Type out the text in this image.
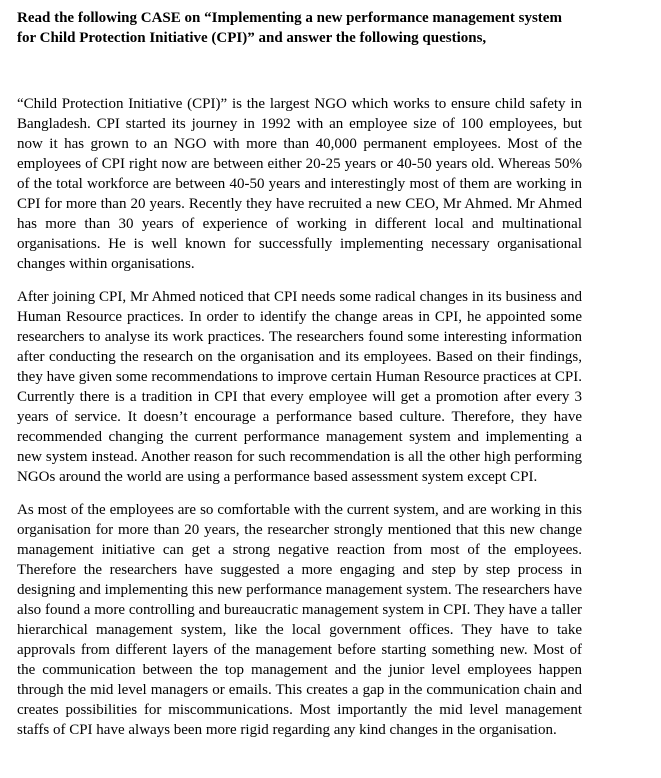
Read the following CASE on “Implementing a new performance management system for Child Protection Initiative (CPI)” and answer the following questions,

“Child Protection Initiative (CPI)” is the largest NGO which works to ensure child safety in Bangladesh. CPI started its journey in 1992 with an employee size of 100 employees, but now it has grown to an NGO with more than 40,000 permanent employees. Most of the employees of CPI right now are between either 20-25 years or 40-50 years old. Whereas 50% of the total workforce are between 40-50 years and interestingly most of them are working in CPI for more than 20 years. Recently they have recruited a new CEO, Mr Ahmed. Mr Ahmed has more than 30 years of experience of working in different local and multinational organisations. He is well known for successfully implementing necessary organisational changes within organisations.

After joining CPI, Mr Ahmed noticed that CPI needs some radical changes in its business and Human Resource practices. In order to identify the change areas in CPI, he appointed some researchers to analyse its work practices. The researchers found some interesting information after conducting the research on the organisation and its employees. Based on their findings, they have given some recommendations to improve certain Human Resource practices at CPI. Currently there is a tradition in CPI that every employee will get a promotion after every 3 years of service. It doesn’t encourage a performance based culture. Therefore, they have recommended changing the current performance management system and implementing a new system instead. Another reason for such recommendation is all the other high performing NGOs around the world are using a performance based assessment system except CPI.

As most of the employees are so comfortable with the current system, and are working in this organisation for more than 20 years, the researcher strongly mentioned that this new change management initiative can get a strong negative reaction from most of the employees. Therefore the researchers have suggested a more engaging and step by step process in designing and implementing this new performance management system. The researchers have also found a more controlling and bureaucratic management system in CPI. They have a taller hierarchical management system, like the local government offices. They have to take approvals from different layers of the management before starting something new. Most of the communication between the top management and the junior level employees happen through the mid level managers or emails. This creates a gap in the communication chain and creates possibilities for miscommunications. Most importantly the mid level management staffs of CPI have always been more rigid regarding any kind changes in the organisation.
